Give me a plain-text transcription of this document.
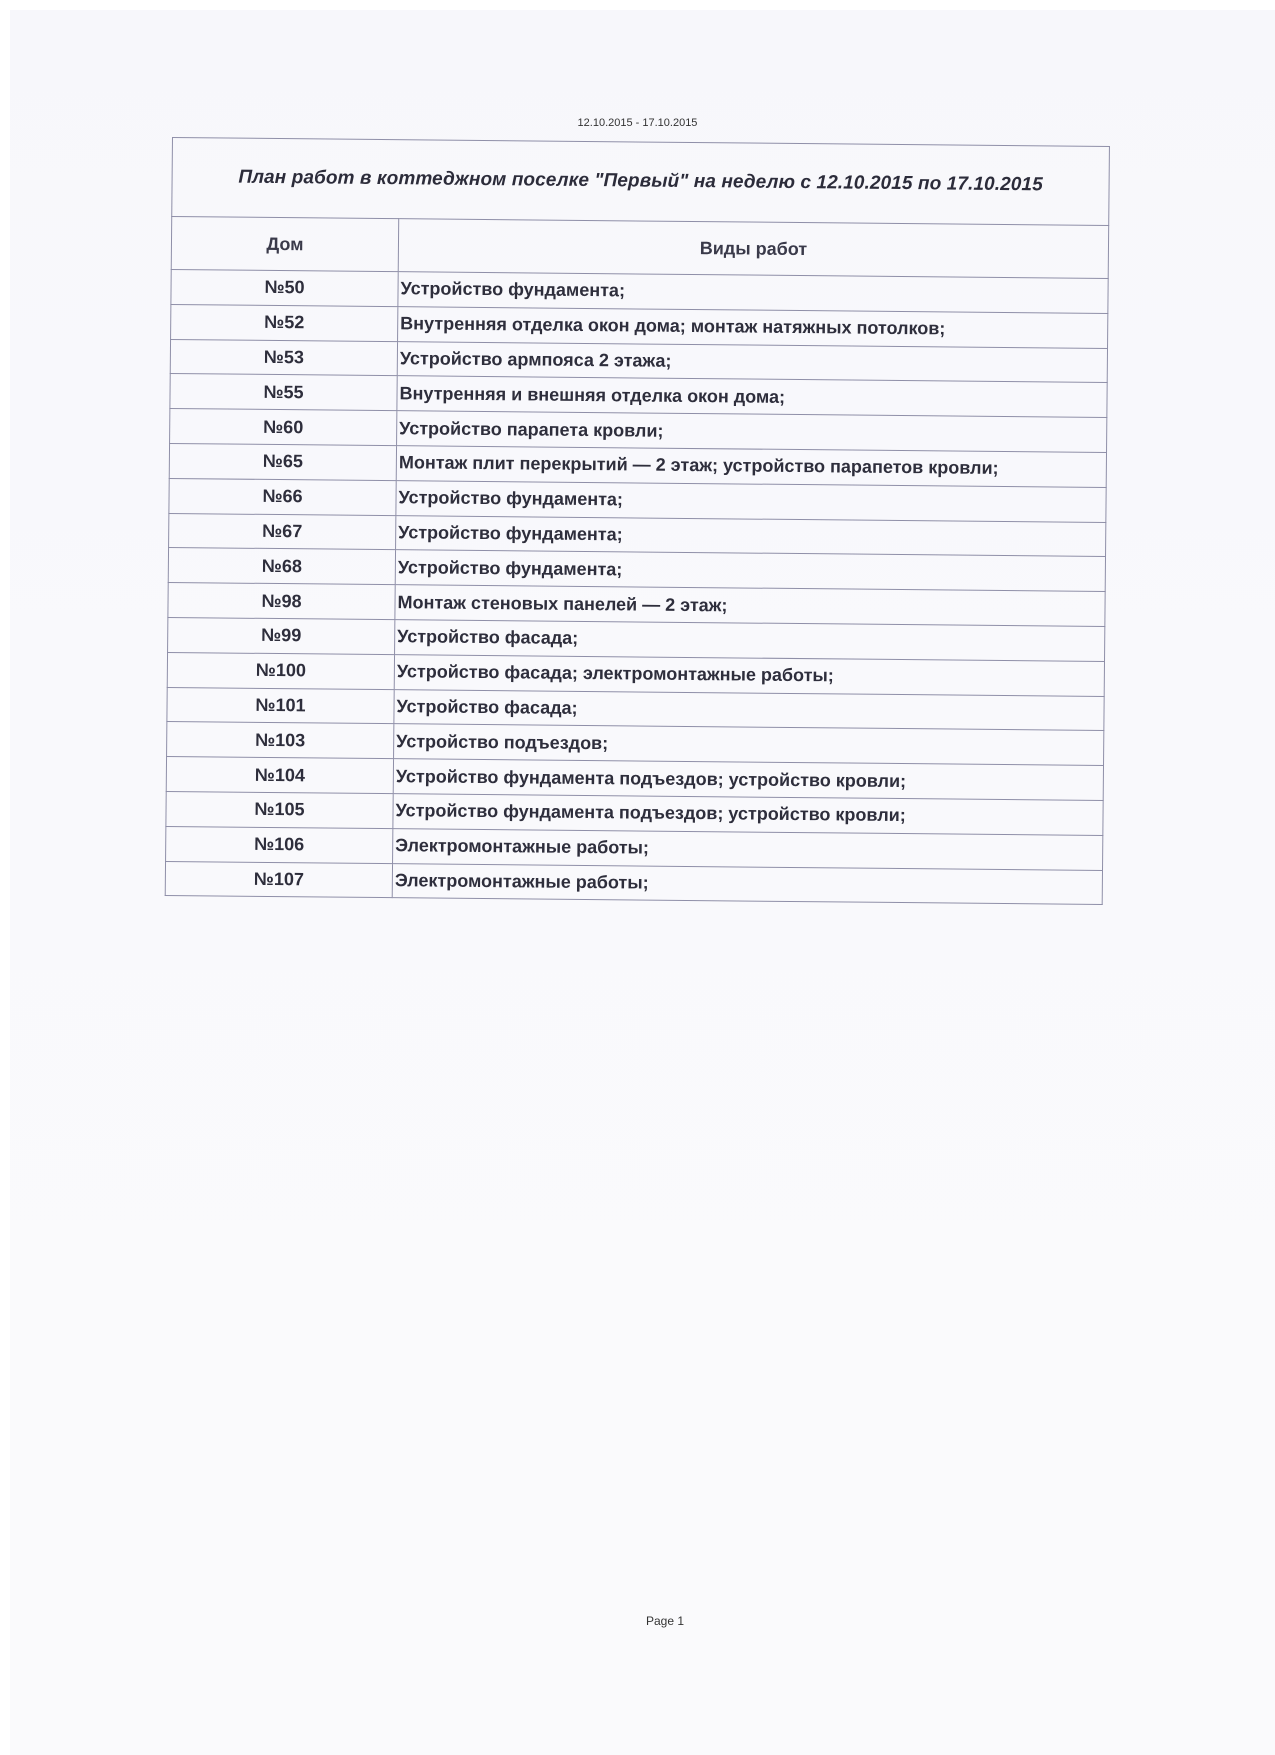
12.10.2015 - 17.10.2015
План работ в коттеджном поселке "Первый" на неделю с 12.10.2015 по 17.10.2015
Дом	Виды работ
№50	Устройство фундамента;
№52	Внутренняя отделка окон дома; монтаж натяжных потолков;
№53	Устройство армпояса 2 этажа;
№55	Внутренняя и внешняя отделка окон дома;
№60	Устройство парапета кровли;
№65	Монтаж плит перекрытий — 2 этаж; устройство парапетов кровли;
№66	Устройство фундамента;
№67	Устройство фундамента;
№68	Устройство фундамента;
№98	Монтаж стеновых панелей — 2 этаж;
№99	Устройство фасада;
№100	Устройство фасада; электромонтажные работы;
№101	Устройство фасада;
№103	Устройство подъездов;
№104	Устройство фундамента подъездов; устройство кровли;
№105	Устройство фундамента подъездов; устройство кровли;
№106	Электромонтажные работы;
№107	Электромонтажные работы;
Page 1
